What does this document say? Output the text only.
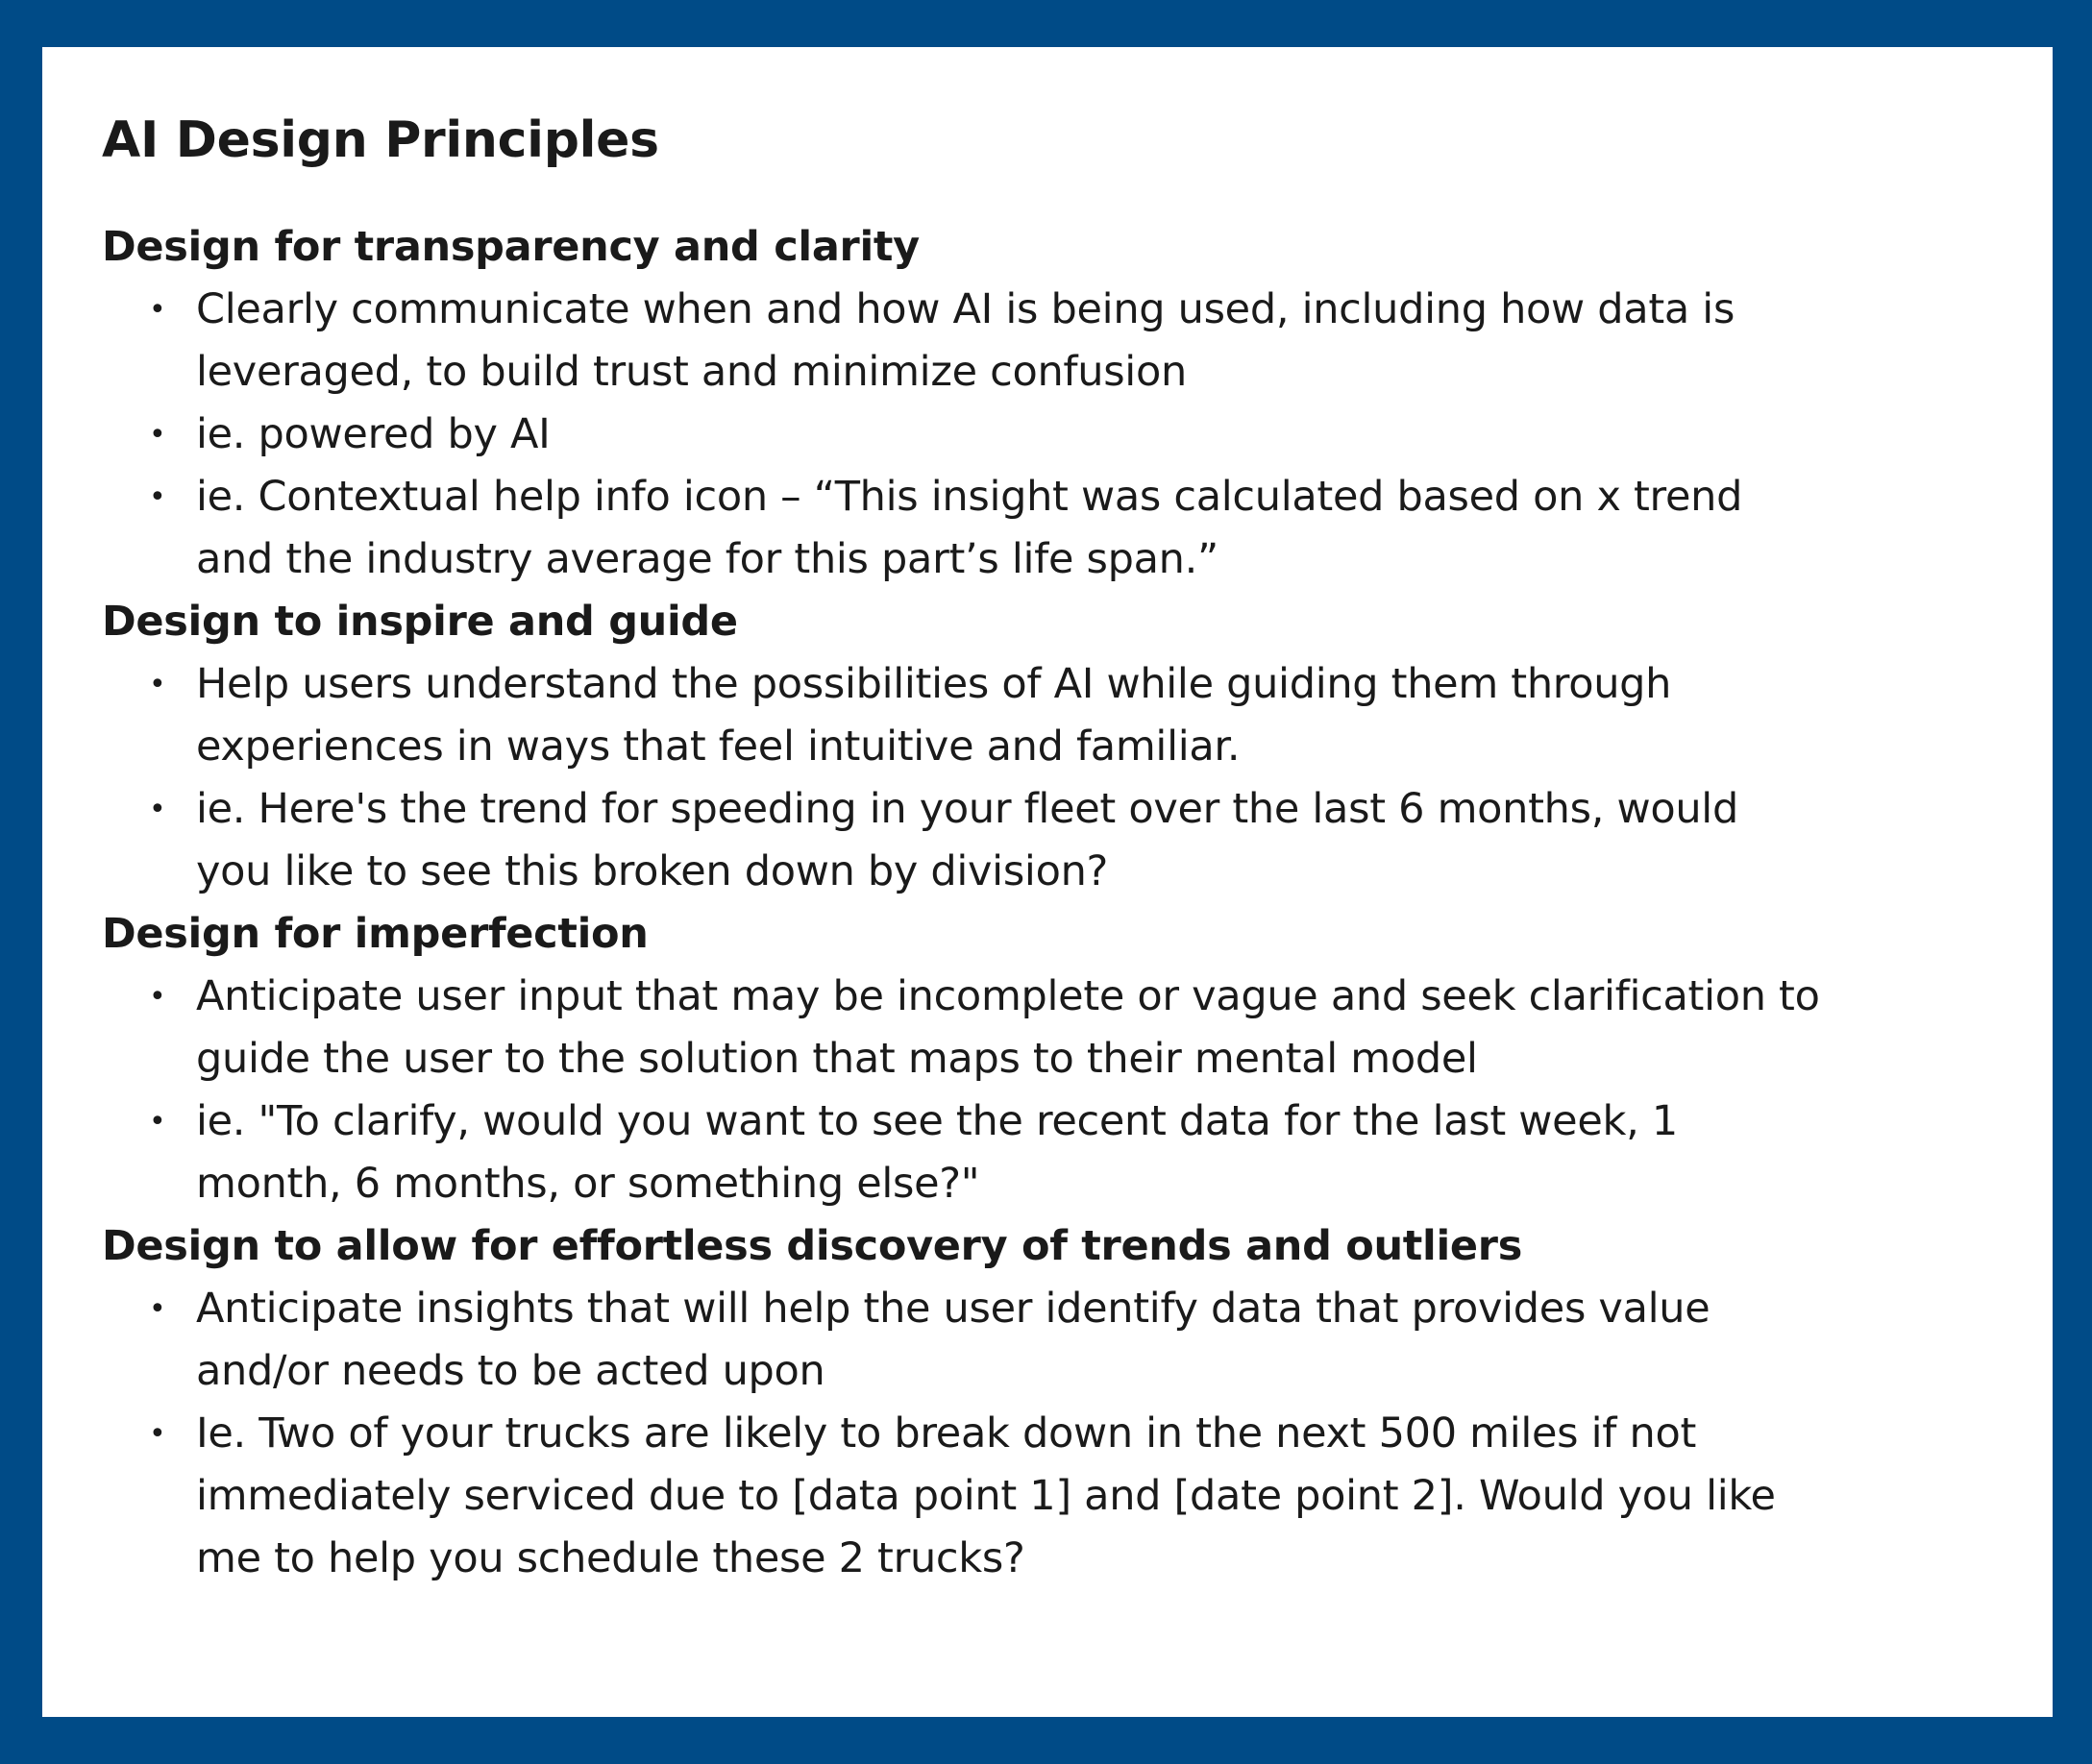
AI Design Principles

Design for transparency and clarity

• Clearly communicate when and how AI is being used, including how data is leveraged, to build trust and minimize confusion
• ie. powered by AI
• ie. Contextual help info icon – “This insight was calculated based on x trend and the industry average for this part’s life span.”

Design to inspire and guide

• Help users understand the possibilities of AI while guiding them through experiences in ways that feel intuitive and familiar.
• ie. Here's the trend for speeding in your fleet over the last 6 months, would you like to see this broken down by division?

Design for imperfection

• Anticipate user input that may be incomplete or vague and seek clarification to guide the user to the solution that maps to their mental model
• ie. "To clarify, would you want to see the recent data for the last week, 1 month, 6 months, or something else?"

Design to allow for effortless discovery of trends and outliers

• Anticipate insights that will help the user identify data that provides value and/or needs to be acted upon
• Ie. Two of your trucks are likely to break down in the next 500 miles if not immediately serviced due to [data point 1] and [date point 2]. Would you like me to help you schedule these 2 trucks?
